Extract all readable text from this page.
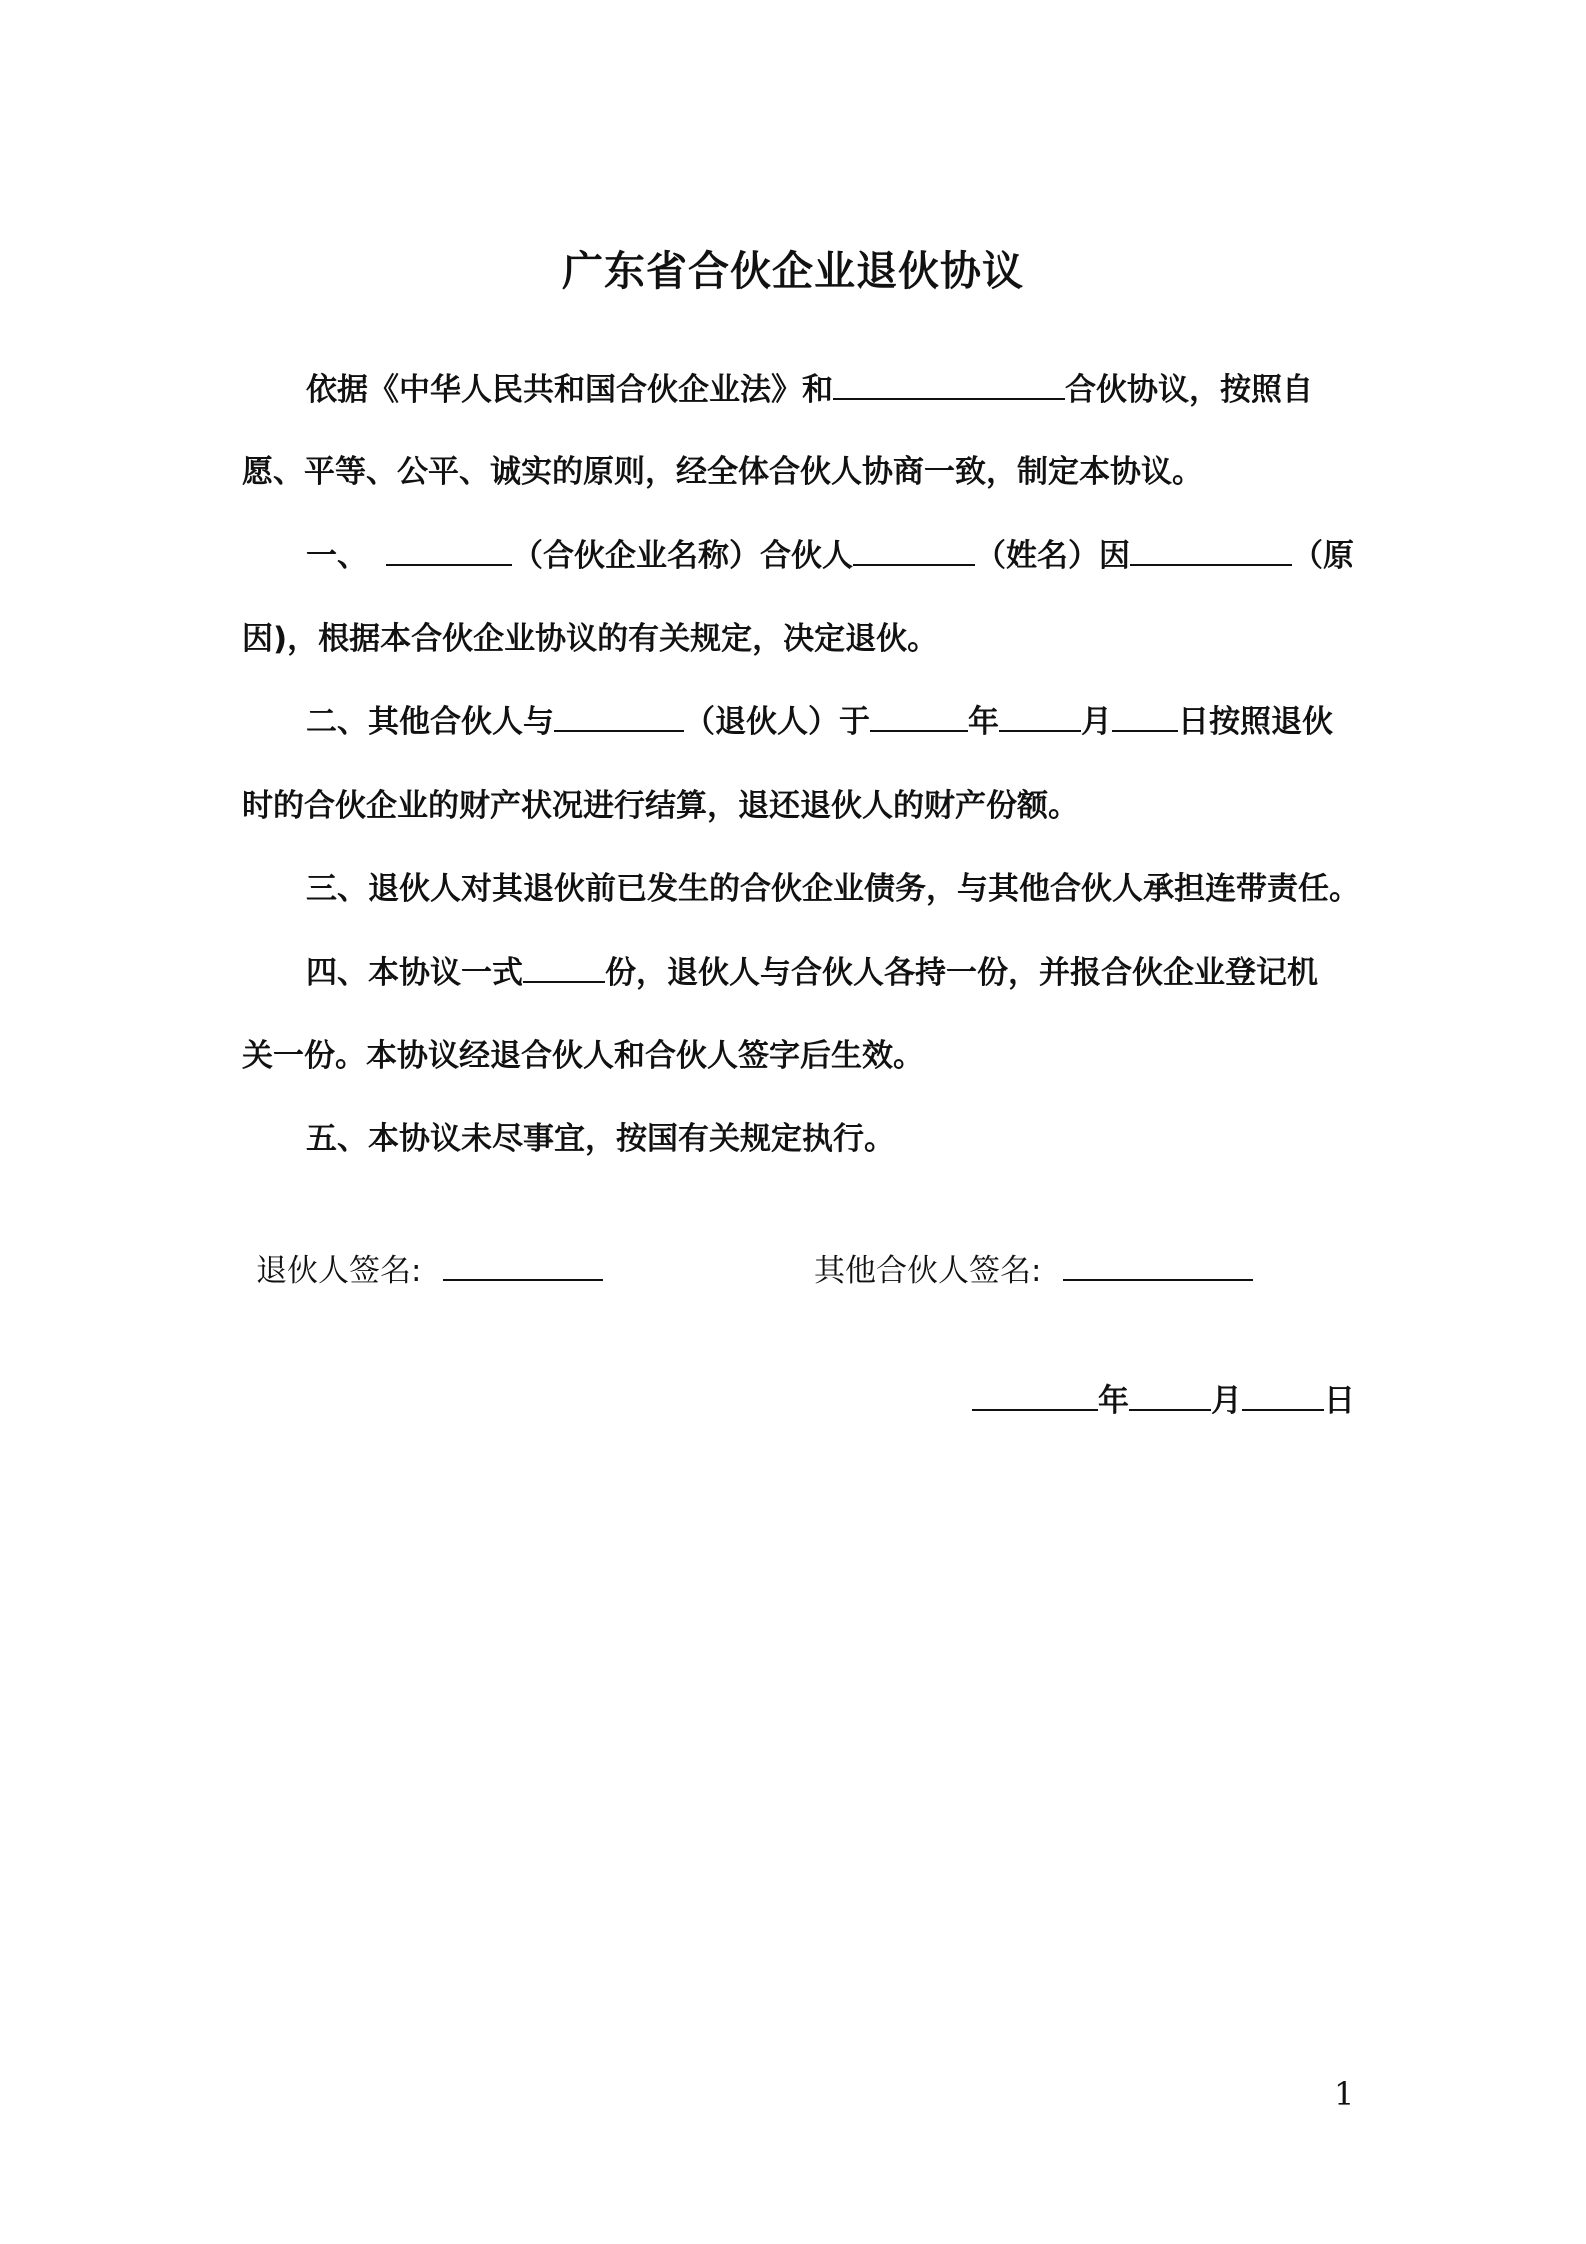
广东省合伙企业退伙协议
依据《中华人民共和国合伙企业法》和	合伙协议，按照自
愿、平等、公平、诚实的原则，经全体合伙人协商一致，制定本协议。
一、	（合伙企业名称）合伙人	（姓名）因	（原
因)，根据本合伙企业协议的有关规定，决定退伙。
二、其他合伙人与	（退伙人）于	年	月 日按照退伙
时的合伙企业的财产状况进行结算，退还退伙人的财产份额。
三、退伙人对其退伙前已发生的合伙企业债务，与其他合伙人承担连带责任。
四、本协议一式	份，退伙人与合伙人各持一份，并报合伙企业登记机
关一份。本协议经退合伙人和合伙人签字后生效。
五、本协议未尽事宜，按国有关规定执行。
退伙人签名:	其他合伙人签名:
年	月	日
1
